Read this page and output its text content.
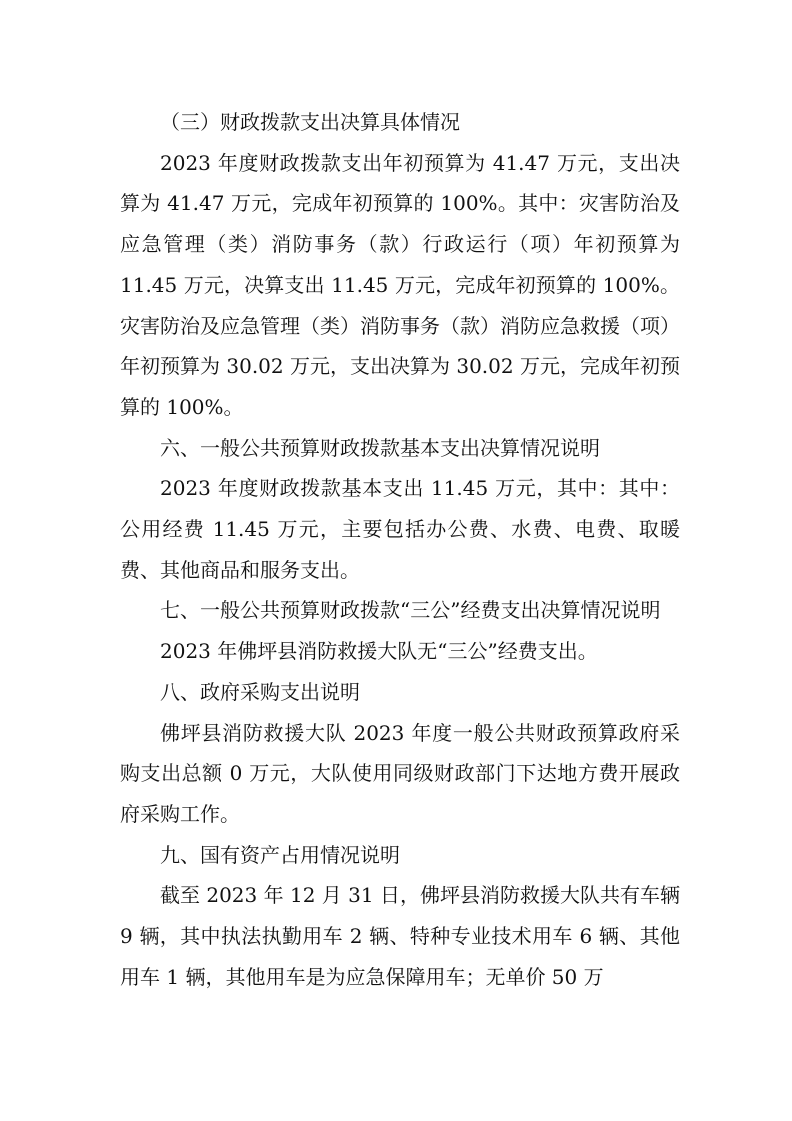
（三）财政拨款支出决算具体情况

2023 年度财政拨款支出年初预算为 41.47 万元，支出决算为 41.47 万元，完成年初预算的 100%。其中：灾害防治及应急管理（类）消防事务（款）行政运行（项）年初预算为 11.45 万元，决算支出 11.45 万元，完成年初预算的 100%。灾害防治及应急管理（类）消防事务（款）消防应急救援（项）年初预算为 30.02 万元，支出决算为 30.02 万元，完成年初预算的 100%。

六、一般公共预算财政拨款基本支出决算情况说明

2023 年度财政拨款基本支出 11.45 万元，其中：其中：公用经费 11.45 万元，主要包括办公费、水费、电费、取暖费、其他商品和服务支出。

七、一般公共预算财政拨款“三公”经费支出决算情况说明

2023 年佛坪县消防救援大队无“三公”经费支出。

八、政府采购支出说明

佛坪县消防救援大队 2023 年度一般公共财政预算政府采购支出总额 0 万元，大队使用同级财政部门下达地方费开展政府采购工作。

九、国有资产占用情况说明

截至 2023 年 12 月 31 日，佛坪县消防救援大队共有车辆 9 辆，其中执法执勤用车 2 辆、特种专业技术用车 6 辆、其他用车 1 辆，其他用车是为应急保障用车；无单价 50 万
